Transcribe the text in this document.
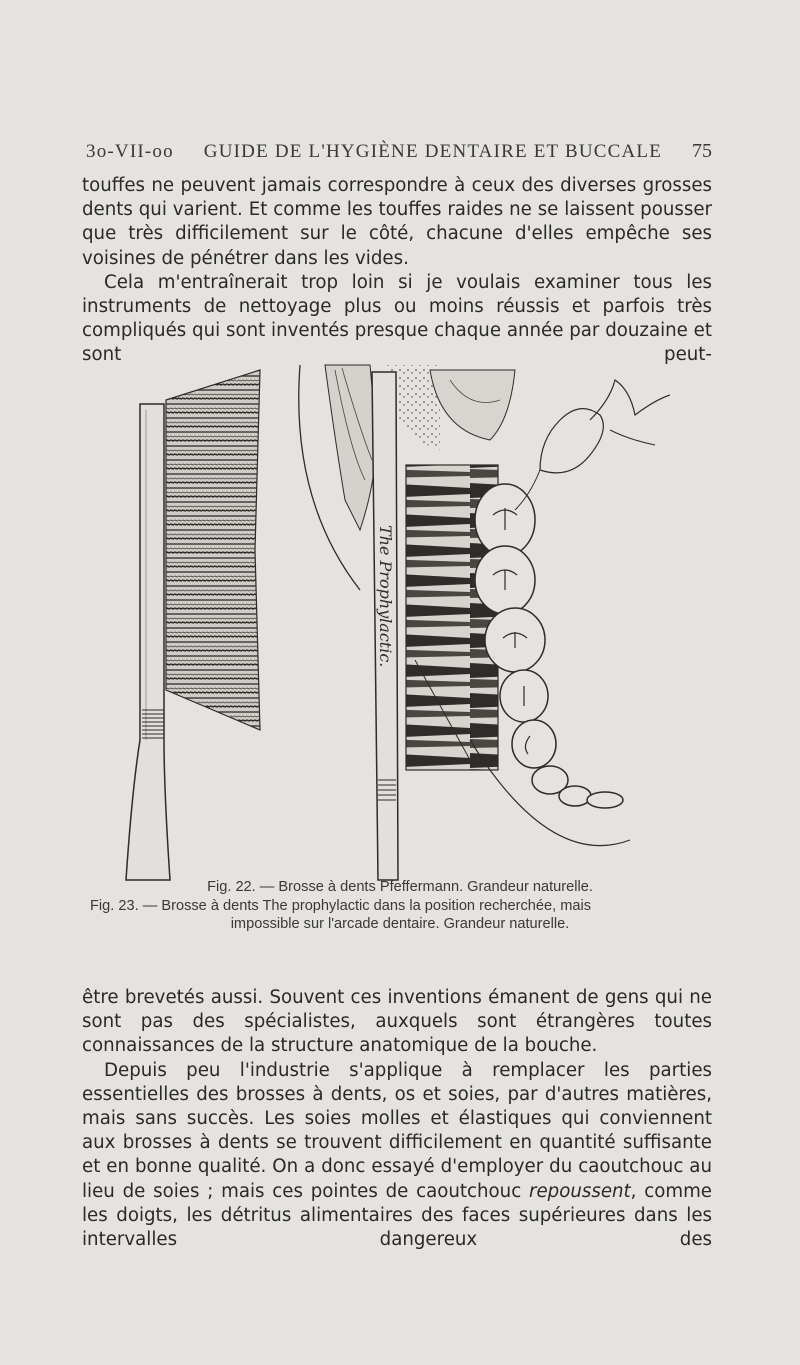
3o-VII-oo GUIDE DE L'HYGIÈNE DENTAIRE ET BUCCALE 75

touffes ne peuvent jamais correspondre à ceux des diverses grosses dents qui varient. Et comme les touffes raides ne se laissent pousser que très difficilement sur le côté, chacune d'elles empêche ses voisines de pénétrer dans les vides.

Cela m'entraînerait trop loin si je voulais examiner tous les instruments de nettoyage plus ou moins réussis et parfois très compliqués qui sont inventés presque chaque année par douzaine et sont peut-

The Prophylactic.
Fig. 22. — Brosse à dents Pfeffermann. Grandeur naturelle.
Fig. 23. — Brosse à dents The prophylactic dans la position recherchée, mais
impossible sur l'arcade dentaire. Grandeur naturelle.

être brevetés aussi. Souvent ces inventions émanent de gens qui ne sont pas des spécialistes, auxquels sont étrangères toutes connaissances de la structure anatomique de la bouche.

Depuis peu l'industrie s'applique à remplacer les parties essentielles des brosses à dents, os et soies, par d'autres matières, mais sans succès. Les soies molles et élastiques qui conviennent aux brosses à dents se trouvent difficilement en quantité suffisante et en bonne qualité. On a donc essayé d'employer du caoutchouc au lieu de soies ; mais ces pointes de caoutchouc repoussent, comme les doigts, les détritus alimentaires des faces supérieures dans les intervalles dangereux des
